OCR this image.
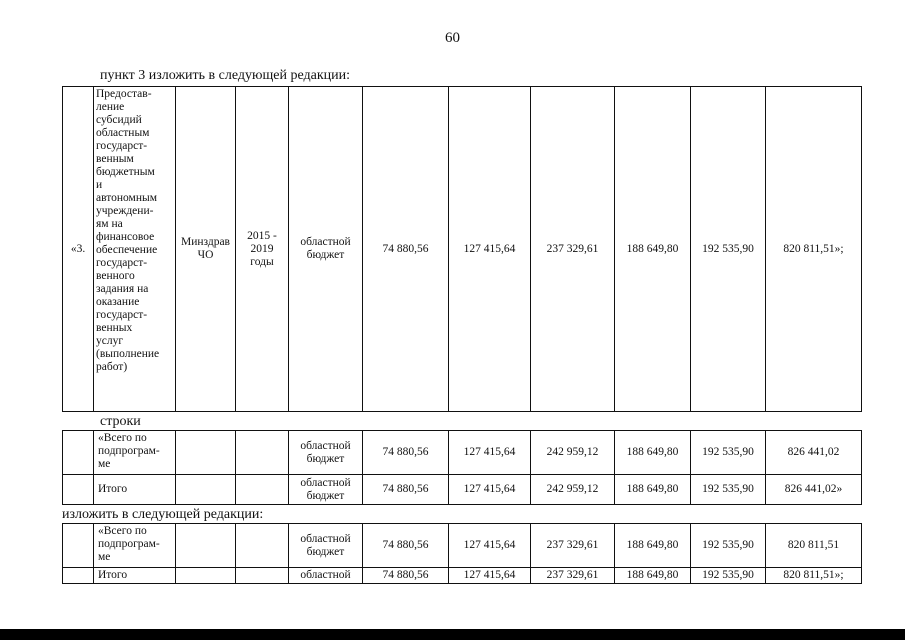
60
пункт 3 изложить в следующей редакции:
«3.	Предостав-
ление
субсидий
областным
государст-
венным
бюджетным
и
автономным
учреждени-
ям на
финансовое
обеспечение
государст-
венного
задания на
оказание
государст-
венных
услуг
(выполнение
работ)	Минздрав
ЧО	2015 -
2019
годы	областной
бюджет	74 880,56	127 415,64	237 329,61	188 649,80	192 535,90	820 811,51»;
строки
	«Всего по
подпрограм-
ме			областной
бюджет	74 880,56	127 415,64	242 959,12	188 649,80	192 535,90	826 441,02
	Итого			областной
бюджет	74 880,56	127 415,64	242 959,12	188 649,80	192 535,90	826 441,02»
изложить в следующей редакции:
	«Всего по
подпрограм-
ме			областной
бюджет	74 880,56	127 415,64	237 329,61	188 649,80	192 535,90	820 811,51
	Итого			областной	74 880,56	127 415,64	237 329,61	188 649,80	192 535,90	820 811,51»;
